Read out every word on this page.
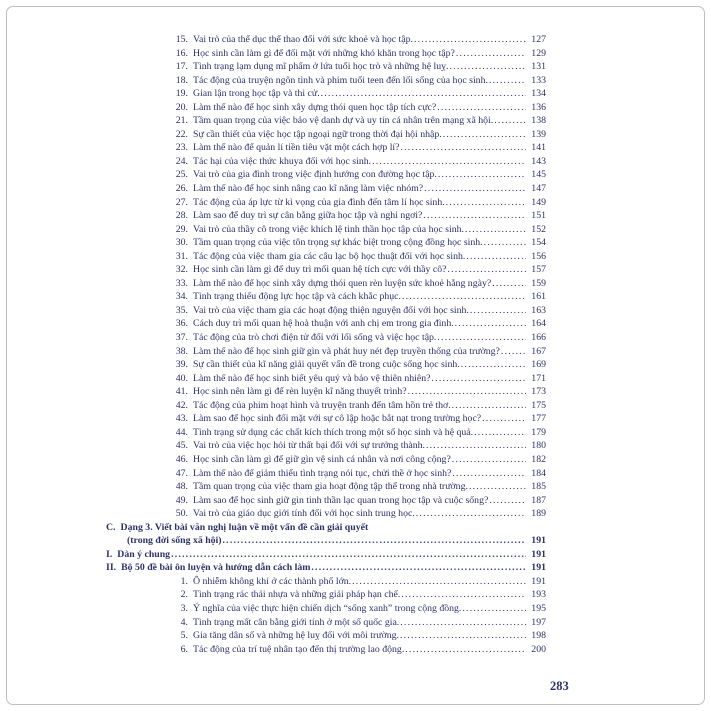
15. Vai trò của thể dục thể thao đối với sức khoẻ và học tập. .....	127
16. Học sinh cần làm gì để đối mặt với những khó khăn trong học tập? .....	129
17. Tình trạng lạm dụng mĩ phẩm ở lứa tuổi học trò và những hệ luỵ. .....	131
18. Tác động của truyện ngôn tình và phim tuổi teen đến lối sống của học sinh. .....	133
19. Gian lận trong học tập và thi cử. .....	134
20. Làm thế nào để học sinh xây dựng thói quen học tập tích cực? .....	136
21. Tầm quan trọng của việc bảo vệ danh dự và uy tín cá nhân trên mạng xã hội. .....	138
22. Sự cần thiết của việc học tập ngoại ngữ trong thời đại hội nhập. .....	139
23. Làm thế nào để quản lí tiền tiêu vặt một cách hợp lí? .....	141
24. Tác hại của việc thức khuya đối với học sinh. .....	143
25. Vai trò của gia đình trong việc định hướng con đường học tập. .....	145
26. Làm thế nào để học sinh nâng cao kĩ năng làm việc nhóm? .....	147
27. Tác động của áp lực từ kì vọng của gia đình đến tâm lí học sinh. .....	149
28. Làm sao để duy trì sự cân bằng giữa học tập và nghỉ ngơi? .....	151
29. Vai trò của thầy cô trong việc khích lệ tinh thần học tập của học sinh. .....	152
30. Tầm quan trọng của việc tôn trọng sự khác biệt trong cộng đồng học sinh. .....	154
31. Tác động của việc tham gia các câu lạc bộ học thuật đối với học sinh. .....	156
32. Học sinh cần làm gì để duy trì mối quan hệ tích cực với thầy cô? .....	157
33. Làm thế nào để học sinh xây dựng thói quen rèn luyện sức khoẻ hằng ngày? .....	159
34. Tình trạng thiếu động lực học tập và cách khắc phục. .....	161
35. Vai trò của việc tham gia các hoạt động thiện nguyện đối với học sinh. .....	163
36. Cách duy trì mối quan hệ hoà thuận với anh chị em trong gia đình. .....	164
37. Tác động của trò chơi điện tử đối với lối sống và việc học tập. .....	166
38. Làm thế nào để học sinh giữ gìn và phát huy nét đẹp truyền thống của trường? .....	167
39. Sự cần thiết của kĩ năng giải quyết vấn đề trong cuộc sống học sinh. .....	169
40. Làm thế nào để học sinh biết yêu quý và bảo vệ thiên nhiên? .....	171
41. Học sinh nên làm gì để rèn luyện kĩ năng thuyết trình? .....	173
42. Tác động của phim hoạt hình và truyện tranh đến tâm hồn trẻ thơ. .....	175
43. Làm sao để học sinh đối mặt với sự cô lập hoặc bắt nạt trong trường học? .....	177
44. Tình trạng sử dụng các chất kích thích trong một số học sinh và hệ quả. .....	179
45. Vai trò của việc học hỏi từ thất bại đối với sự trưởng thành. .....	180
46. Học sinh cần làm gì để giữ gìn vệ sinh cá nhân và nơi công cộng? .....	182
47. Làm thế nào để giảm thiểu tình trạng nói tục, chửi thề ở học sinh? .....	184
48. Tầm quan trọng của việc tham gia hoạt động tập thể trong nhà trường. .....	185
49. Làm sao để học sinh giữ gìn tinh thần lạc quan trong học tập và cuộc sống? .....	187
50. Vai trò của giáo dục giới tính đối với học sinh trung học. .....	189
C. Dạng 3. Viết bài văn nghị luận về một vấn đề cần giải quyết
(trong đời sống xã hội) .....	191
I. Dàn ý chung .....	191
II. Bộ 50 đề bài ôn luyện và hướng dẫn cách làm .....	191
1. Ô nhiễm không khí ở các thành phố lớn. .....	191
2. Tình trạng rác thải nhựa và những giải pháp hạn chế. .....	193
3. Ý nghĩa của việc thực hiện chiến dịch “sống xanh” trong cộng đồng. .....	195
4. Tình trạng mất cân bằng giới tính ở một số quốc gia. .....	197
5. Gia tăng dân số và những hệ luỵ đối với môi trường. .....	198
6. Tác động của trí tuệ nhân tạo đến thị trường lao động. .....	200
283
